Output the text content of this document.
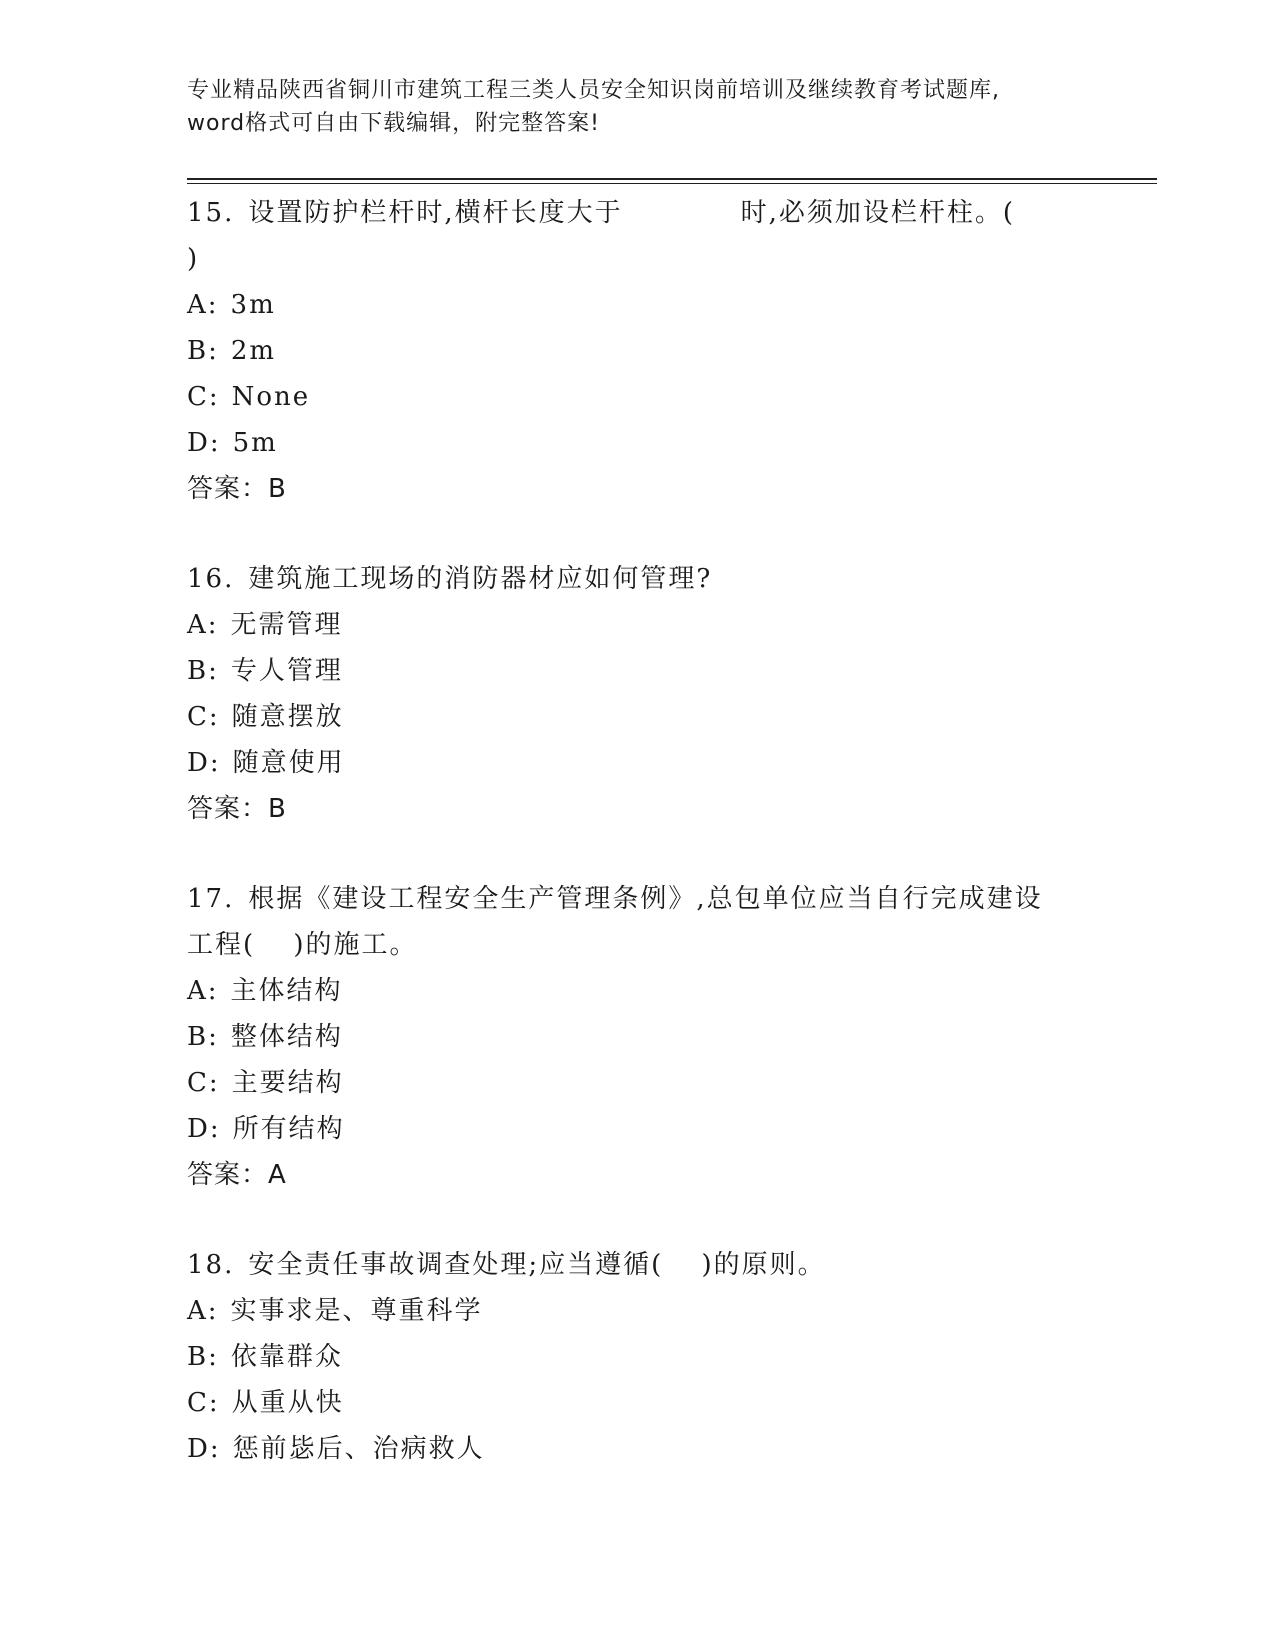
专业精品陕西省铜川市建筑工程三类人员安全知识岗前培训及继续教育考试题库,
word格式可自由下载编辑，附完整答案!
15. 设置防护栏杆时,横杆长度大于	时,必须加设栏杆柱。(
)
A: 3m
B: 2m
C: None
D: 5m
答案：B
16. 建筑施工现场的消防器材应如何管理?
A: 无需管理
B: 专人管理
C: 随意摆放
D: 随意使用
答案：B
17. 根据《建设工程安全生产管理条例》,总包单位应当自行完成建设
工程(　 )的施工。
A: 主体结构
B: 整体结构
C: 主要结构
D: 所有结构
答案：A
18. 安全责任事故调查处理;应当遵循(　 )的原则。
A: 实事求是、尊重科学
B: 依靠群众
C: 从重从快
D: 惩前毖后、治病救人
